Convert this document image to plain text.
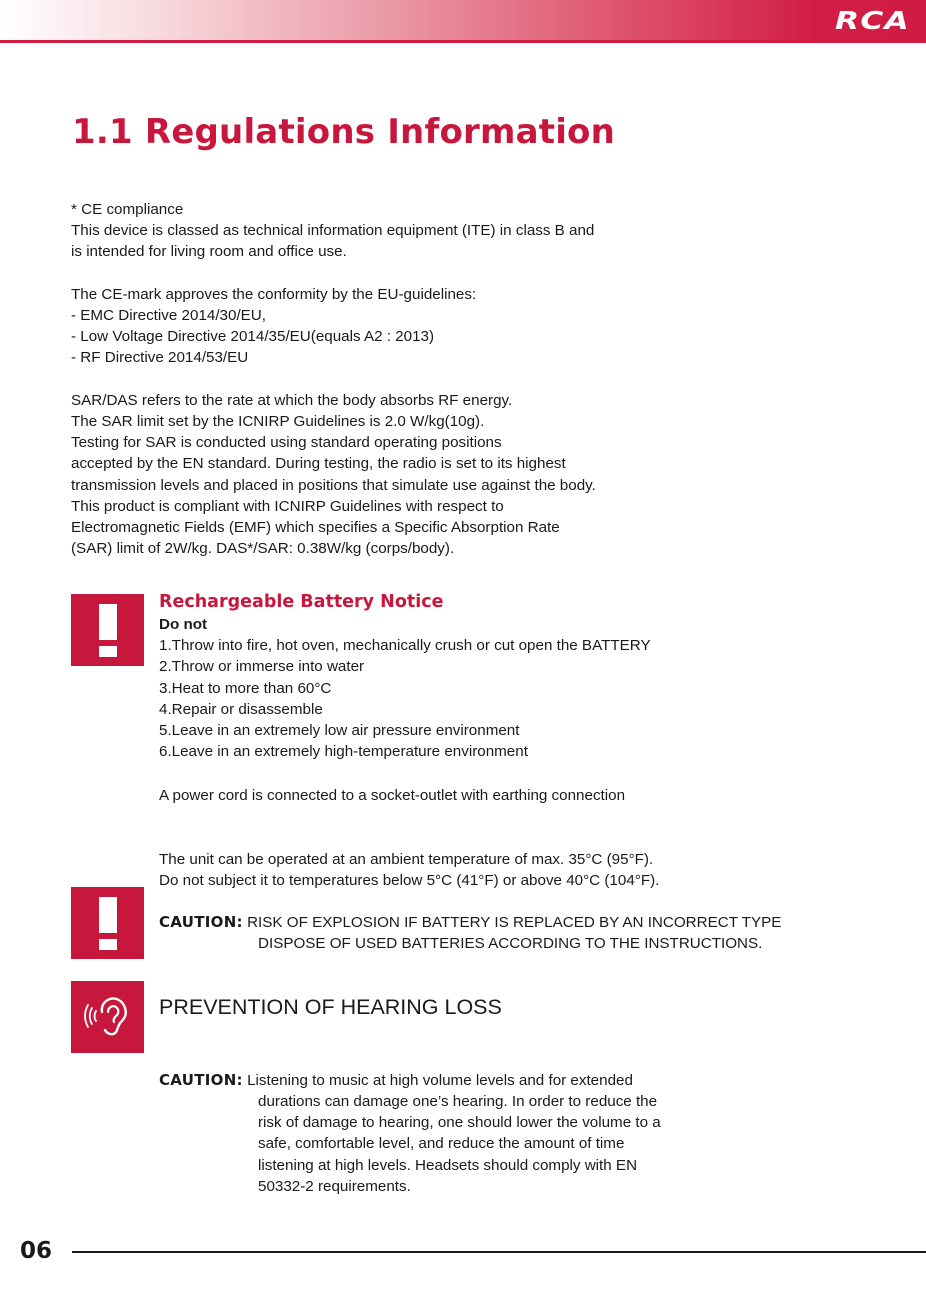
RCA
1.1 Regulations Information
* CE compliance
This device is classed as technical information equipment (ITE) in class B and
is intended for living room and office use.

The CE-mark approves the conformity by the EU-guidelines:
- EMC Directive 2014/30/EU,
- Low Voltage Directive 2014/35/EU(equals A2 : 2013)
- RF Directive 2014/53/EU

SAR/DAS refers to the rate at which the body absorbs RF energy.
The SAR limit set by the ICNIRP Guidelines is 2.0 W/kg(10g).
Testing for SAR is conducted using standard operating positions
accepted by the EN standard. During testing, the radio is set to its highest
transmission levels and placed in positions that simulate use against the body.
This product is compliant with ICNIRP Guidelines with respect to
Electromagnetic Fields (EMF) which specifies a Specific Absorption Rate
(SAR) limit of 2W/kg. DAS*/SAR: 0.38W/kg (corps/body).
Rechargeable Battery Notice
Do not
1.Throw into fire, hot oven, mechanically crush or cut open the BATTERY
2.Throw or immerse into water
3.Heat to more than 60°C
4.Repair or disassemble
5.Leave in an extremely low air pressure environment
6.Leave in an extremely high-temperature environment
A power cord is connected to a socket-outlet with earthing connection
The unit can be operated at an ambient temperature of max. 35°C (95°F).
Do not subject it to temperatures below 5°C (41°F) or above 40°C (104°F).
CAUTION: RISK OF EXPLOSION IF BATTERY IS REPLACED BY AN INCORRECT TYPE
DISPOSE OF USED BATTERIES ACCORDING TO THE INSTRUCTIONS.
PREVENTION OF HEARING LOSS
CAUTION: Listening to music at high volume levels and for extended
durations can damage one’s hearing. In order to reduce the
risk of damage to hearing, one should lower the volume to a
safe, comfortable level, and reduce the amount of time
listening at high levels. Headsets should comply with EN
50332-2 requirements.
06
